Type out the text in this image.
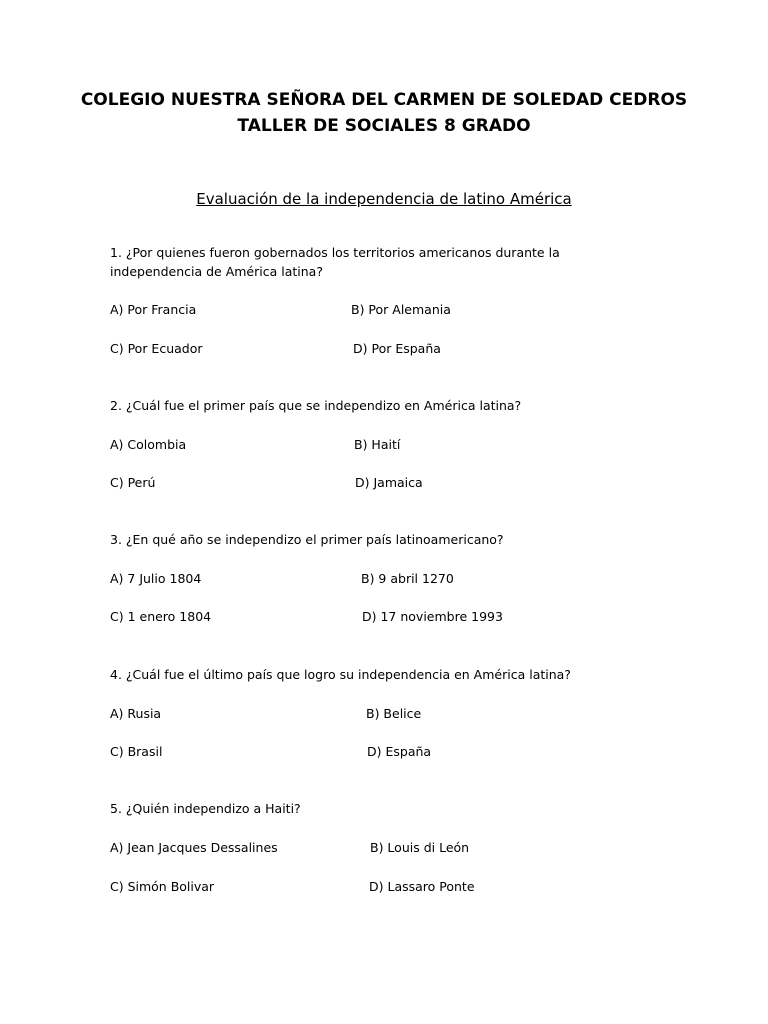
COLEGIO NUESTRA SEÑORA DEL CARMEN DE SOLEDAD CEDROS
TALLER DE SOCIALES 8 GRADO
Evaluación de la independencia de latino América
1. ¿Por quienes fueron gobernados los territorios americanos durante la
independencia de América latina?
A) Por Francia	B) Por Alemania
C) Por Ecuador	D) Por España
2. ¿Cuál fue el primer país que se independizo en América latina?
A) Colombia	B) Haití
C) Perú	D) Jamaica
3. ¿En qué año se independizo el primer país latinoamericano?
A) 7 Julio 1804	B) 9 abril 1270
C) 1 enero 1804	D) 17 noviembre 1993
4. ¿Cuál fue el último país que logro su independencia en América latina?
A) Rusia	B) Belice
C) Brasil	D) España
5. ¿Quién independizo a Haiti?
A) Jean Jacques Dessalines	B) Louis di León
C) Simón Bolivar	D) Lassaro Ponte
